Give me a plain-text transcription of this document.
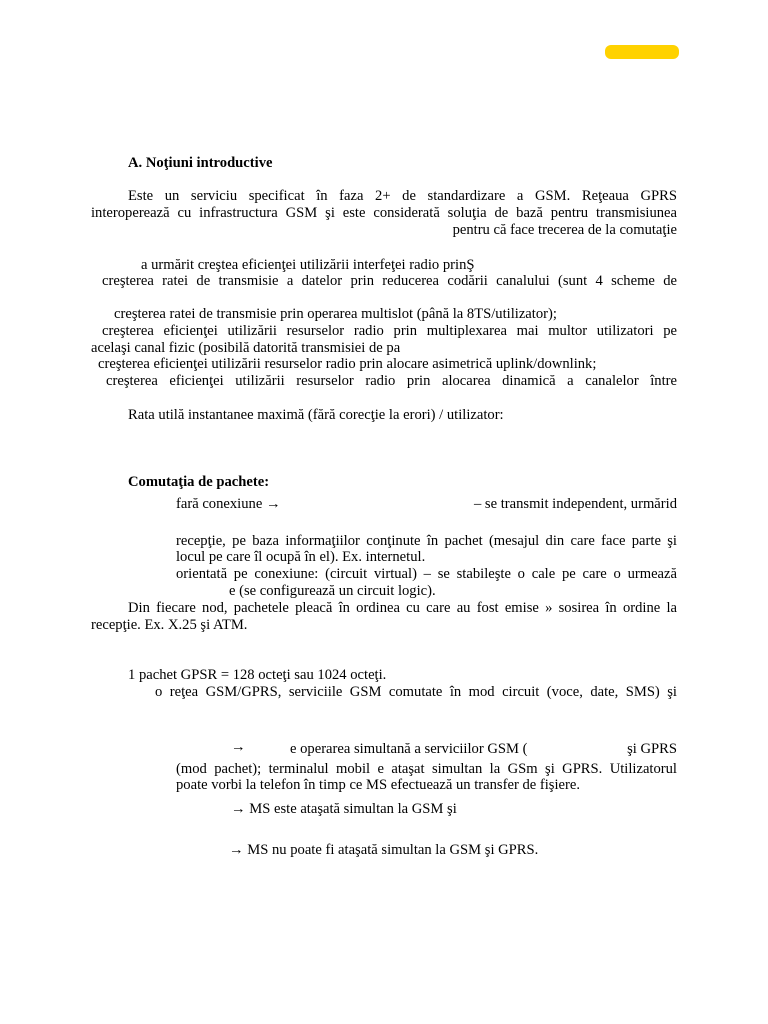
A. Noţiuni introductive
Este un serviciu specificat în faza 2+ de standardizare a GSM. Reţeaua GPRS
interoperează cu infrastructura GSM şi este considerată soluţia de bază pentru transmisiunea
pentru că face trecerea de la comutaţie
a urmărit creştea eficienţei utilizării interfeţei radio prinŞ
creşterea ratei de transmisie a datelor prin reducerea codării canalului (sunt 4 scheme de
creşterea ratei de transmisie prin operarea multislot (până la 8TS/utilizator);
creşterea eficienţei utilizării resurselor radio prin multiplexarea mai multor utilizatori pe
acelaşi canal fizic (posibilă datorită transmisiei de pa
creşterea eficienţei utilizării resurselor radio prin alocare asimetrică uplink/downlink;
creşterea eficienţei utilizării resurselor radio prin alocarea dinamică a canalelor între
Rata utilă instantanee maximă (fără corecţie la erori) / utilizator:
Comutaţia de pachete:
fară conexiune →	– se transmit independent, urmărid
recepţie, pe baza informaţiilor conţinute în pachet (mesajul din care face parte şi
locul pe care îl ocupă în el). Ex. internetul.
orientată pe conexiune: (circuit virtual) – se stabileşte o cale pe care o urmează
e (se configurează un circuit logic).
Din fiecare nod, pachetele pleacă în ordinea cu care au fost emise » sosirea în ordine la
recepţie. Ex. X.25 şi ATM.
1 pachet GPSR = 128 octeţi sau 1024 octeţi.
o reţea GSM/GPRS, serviciile GSM comutate în mod circuit (voce, date, SMS) şi
→	e operarea simultană a serviciilor GSM (	şi GPRS
(mod pachet); terminalul mobil e ataşat simultan la GSm şi GPRS. Utilizatorul
poate vorbi la telefon în timp ce MS efectuează un transfer de fişiere.
→ MS este ataşată simultan la GSM şi
→ MS nu poate fi ataşată simultan la GSM şi GPRS.
